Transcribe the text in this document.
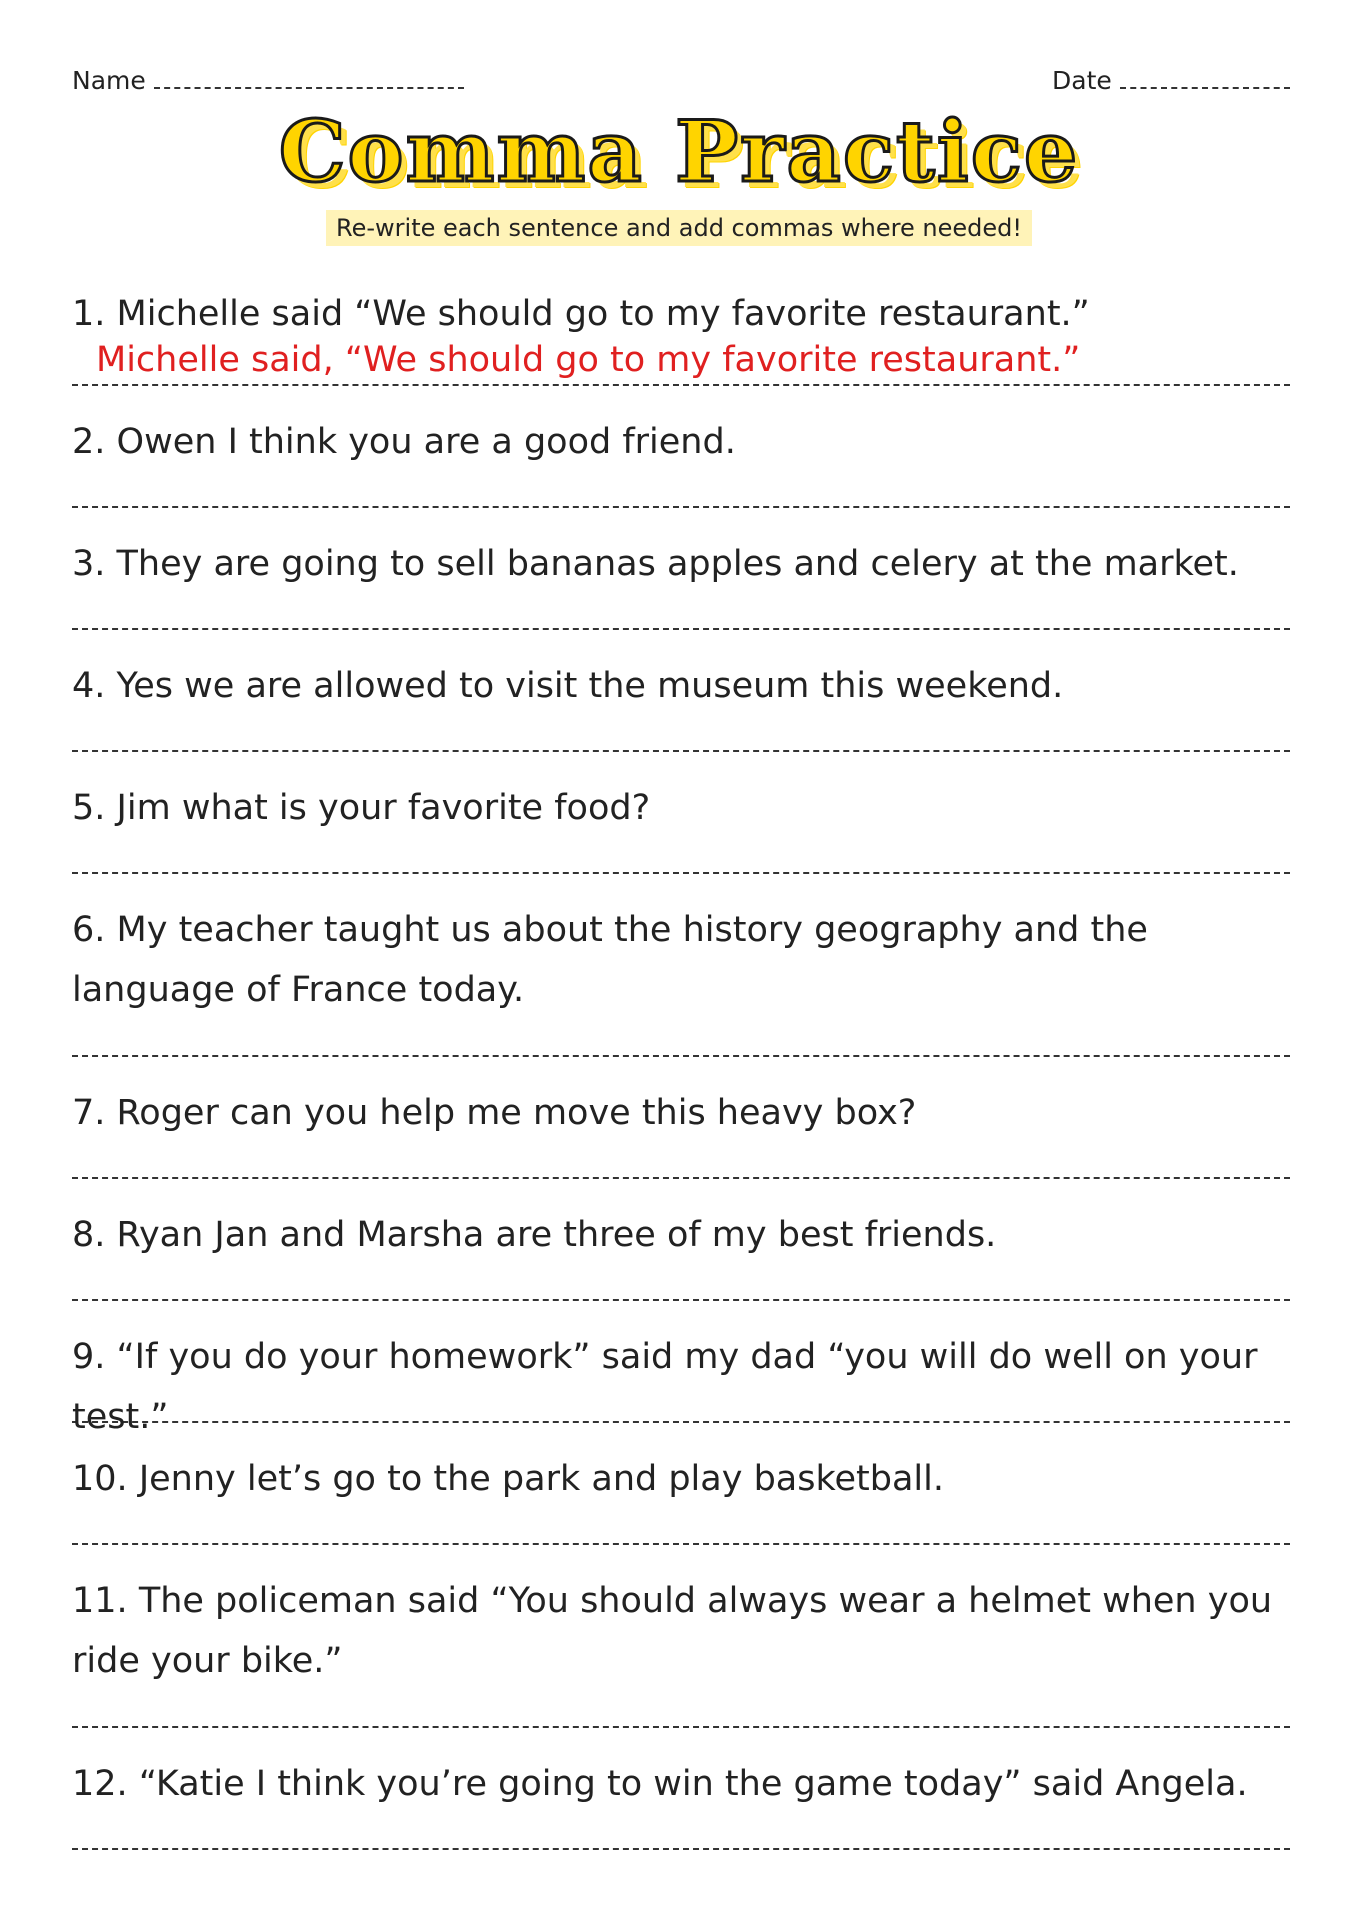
Name	Date
Comma Practice
Re-write each sentence and add commas where needed!
1. Michelle said “We should go to my favorite restaurant.”
Michelle said, “We should go to my favorite restaurant.”
2. Owen I think you are a good friend.
3. They are going to sell bananas apples and celery at the market.
4. Yes we are allowed to visit the museum this weekend.
5. Jim what is your favorite food?
6. My teacher taught us about the history geography and the language of France today.
7. Roger can you help me move this heavy box?
8. Ryan Jan and Marsha are three of my best friends.
9. “If you do your homework” said my dad “you will do well on your test.”
10. Jenny let’s go to the park and play basketball.
11. The policeman said “You should always wear a helmet when you ride your bike.”
12. “Katie I think you’re going to win the game today” said Angela.
